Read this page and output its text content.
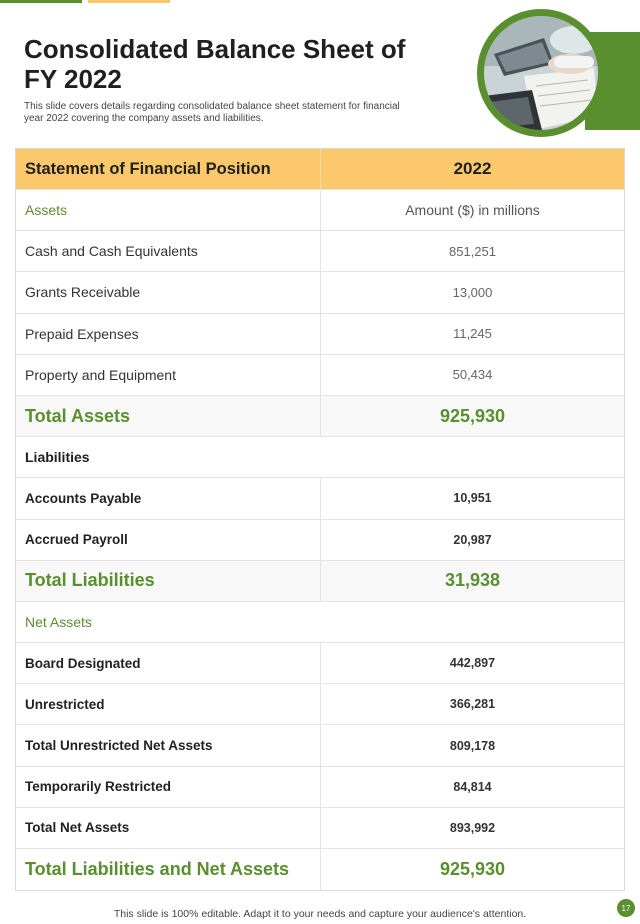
Consolidated Balance Sheet of FY 2022
This slide covers details regarding consolidated balance sheet statement for financial year 2022 covering the company assets and liabilities.
Statement of Financial Position	2022
Assets	Amount ($) in millions
Cash and Cash Equivalents	851,251
Grants Receivable	13,000
Prepaid Expenses	11,245
Property and Equipment	50,434
Total Assets	925,930
Liabilities
Accounts Payable	10,951
Accrued Payroll	20,987
Total Liabilities	31,938
Net Assets
Board Designated	442,897
Unrestricted	366,281
Total Unrestricted Net Assets	809,178
Temporarily Restricted	84,814
Total Net Assets	893,992
Total Liabilities and Net Assets	925,930
This slide is 100% editable. Adapt it to your needs and capture your audience's attention.	17
